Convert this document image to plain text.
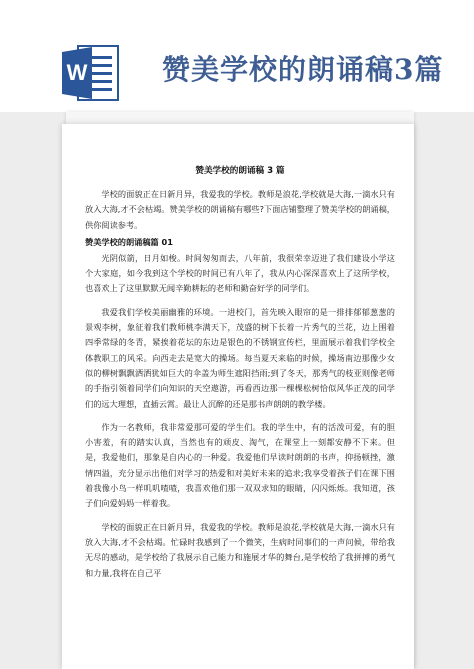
W	赞美学校的朗诵稿3篇
赞美学校的朗诵稿 3 篇

学校的面貌正在日新月异，我爱我的学校。教师是浪花,学校就是大海,一滴水只有放入大海,才不会枯竭。赞美学校的朗诵稿有哪些?下面店铺整理了赞美学校的朗诵稿，供你阅读参考。

赞美学校的朗诵稿篇 01

光阴似箭，日月如梭。时间匆匆而去，八年前，我很荣幸迈进了我们建设小学这个大家庭，如今我到这个学校的时间已有八年了，我从内心深深喜欢上了这所学校，也喜欢上了这里默默无闻辛勤耕耘的老师和勤奋好学的同学们。

我爱我们学校美丽幽雅的环境。一进校门，首先映入眼帘的是一排排郁郁葱葱的景观李树，象征着我们教师桃李满天下，茂盛的树下长着一片秀气的兰花，边上围着四季常绿的冬青，紧挨着花坛的东边是银色的不锈钢宣传栏，里面展示着我们学校全体教职工的风采。向西走去是宽大的操场。每当夏天来临的时候，操场南边那像少女似的柳树飘飘洒洒犹如巨大的伞盖为师生遮阳挡雨;到了冬天，那秀气的枝亚则像老师的手指引领着同学们向知识的天空遨游，再看西边那一棵棵松树恰似风华正茂的同学们的远大理想，直插云霄。最让人沉醉的还是那书声朗朗的教学楼。

作为一名教师，我非常爱那可爱的学生们。我的学生中，有的活泼可爱，有的胆小害羞，有的踏实认真，当然也有的顽皮、淘气，在课堂上一刻都安静不下来。但是，我爱他们，那象是自内心的一种爱。我爱他们早读时朗朗的书声，抑扬顿挫，激情四溢，充分显示出他们对学习的热爱和对美好未来的追求;我享受着孩子们在课下围着我像小鸟一样叽叽喳喳，我喜欢他们那一双双求知的眼睛，闪闪烁烁。我知道，孩子们向爱妈妈一样着我。

学校的面貌正在日新月异，我爱我的学校。教师是浪花,学校就是大海,一滴水只有放入大海,才不会枯竭。忙碌时我感到了一个微笑，生病时同事们的一声问候，带给我无尽的感动，是学校给了我展示自己能力和施展才华的舞台,是学校给了我拼搏的勇气和力量,我将在自己平
